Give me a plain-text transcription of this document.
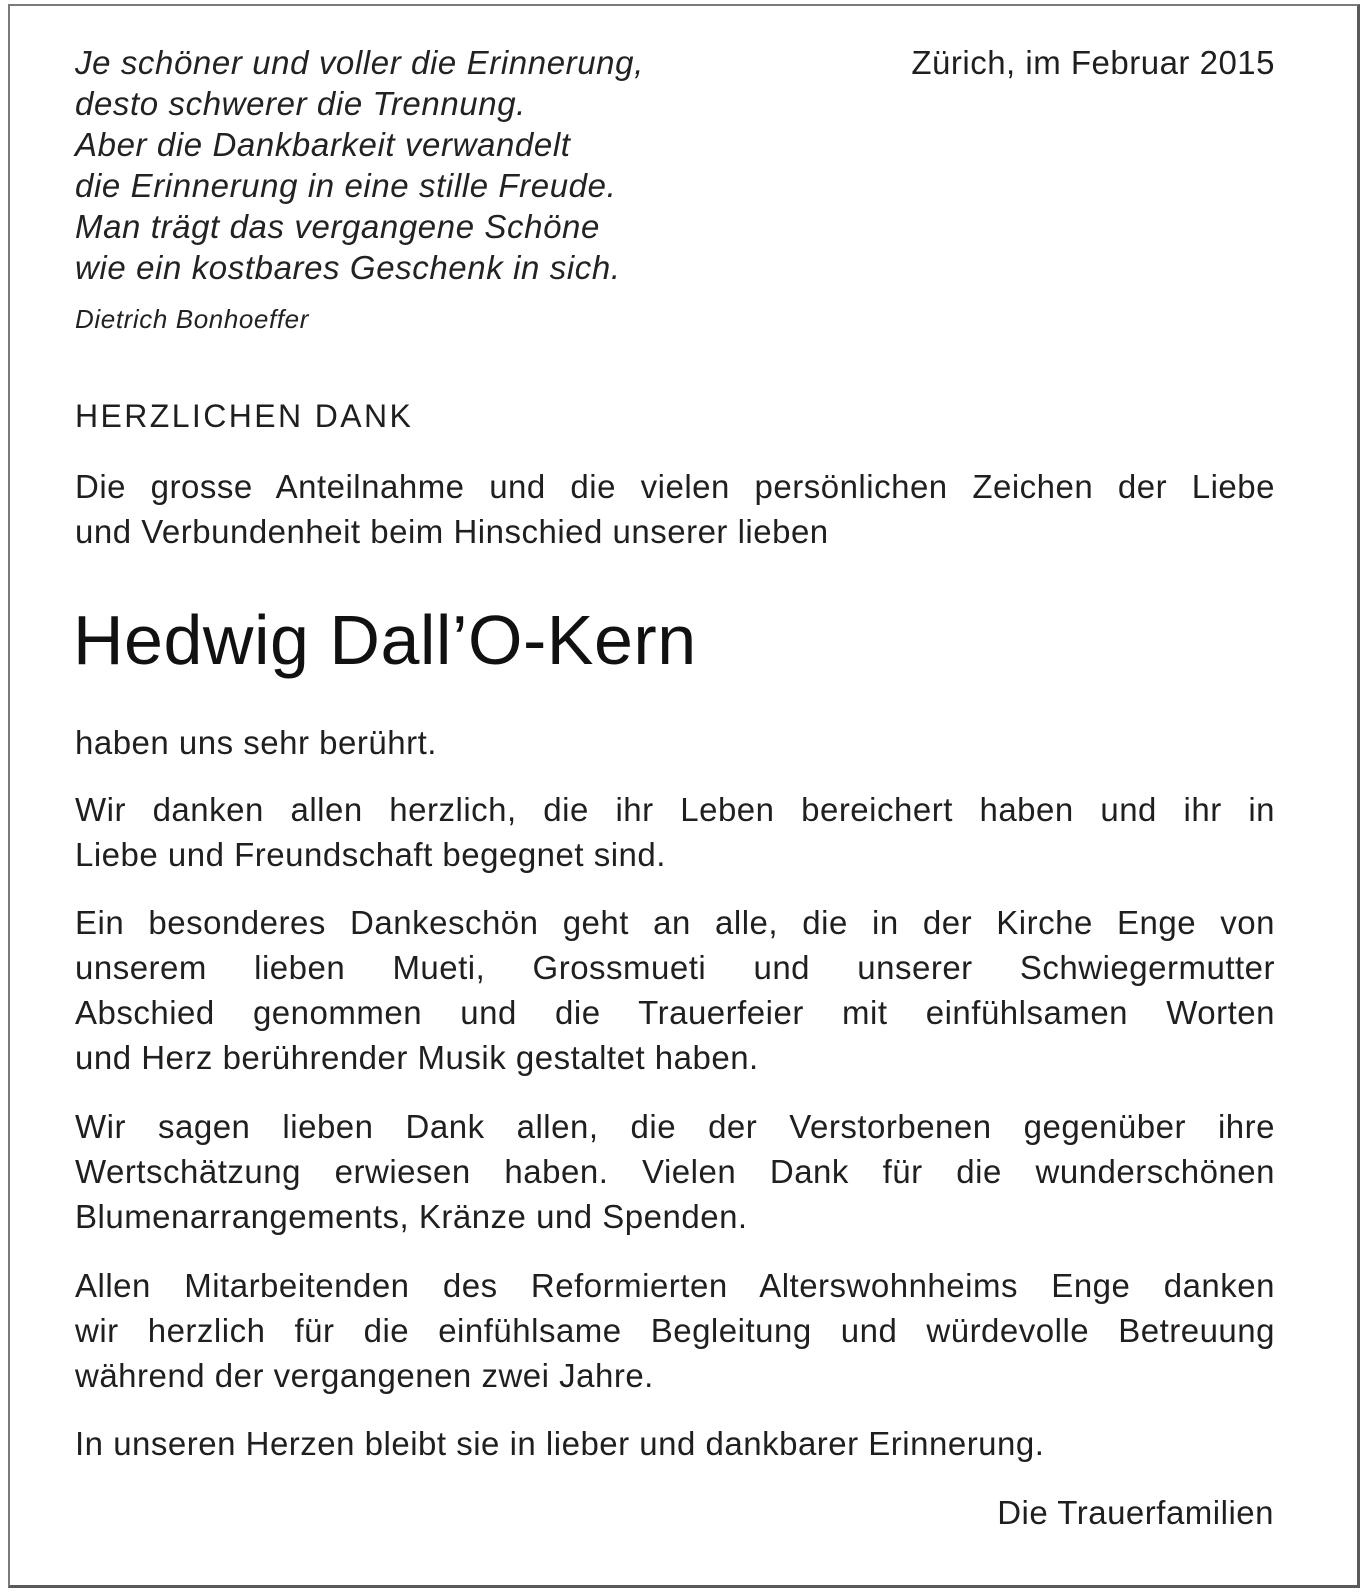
Je schöner und voller die Erinnerung,
desto schwerer die Trennung.
Aber die Dankbarkeit verwandelt
die Erinnerung in eine stille Freude.
Man trägt das vergangene Schöne
wie ein kostbares Geschenk in sich.
Dietrich Bonhoeffer
Zürich, im Februar 2015
HERZLICHEN DANK
Die grosse Anteilnahme und die vielen persönlichen Zeichen der Liebe
und Verbundenheit beim Hinschied unserer lieben
Hedwig Dall’O-Kern
haben uns sehr berührt.
Wir danken allen herzlich, die ihr Leben bereichert haben und ihr in
Liebe und Freundschaft begegnet sind.
Ein besonderes Dankeschön geht an alle, die in der Kirche Enge von
unserem lieben Mueti, Grossmueti und unserer Schwiegermutter
Abschied genommen und die Trauerfeier mit einfühlsamen Worten
und Herz berührender Musik gestaltet haben.
Wir sagen lieben Dank allen, die der Verstorbenen gegenüber ihre
Wertschätzung erwiesen haben. Vielen Dank für die wunderschönen
Blumenarrangements, Kränze und Spenden.
Allen Mitarbeitenden des Reformierten Alterswohnheims Enge danken
wir herzlich für die einfühlsame Begleitung und würdevolle Betreuung
während der vergangenen zwei Jahre.
In unseren Herzen bleibt sie in lieber und dankbarer Erinnerung.
Die Trauerfamilien
